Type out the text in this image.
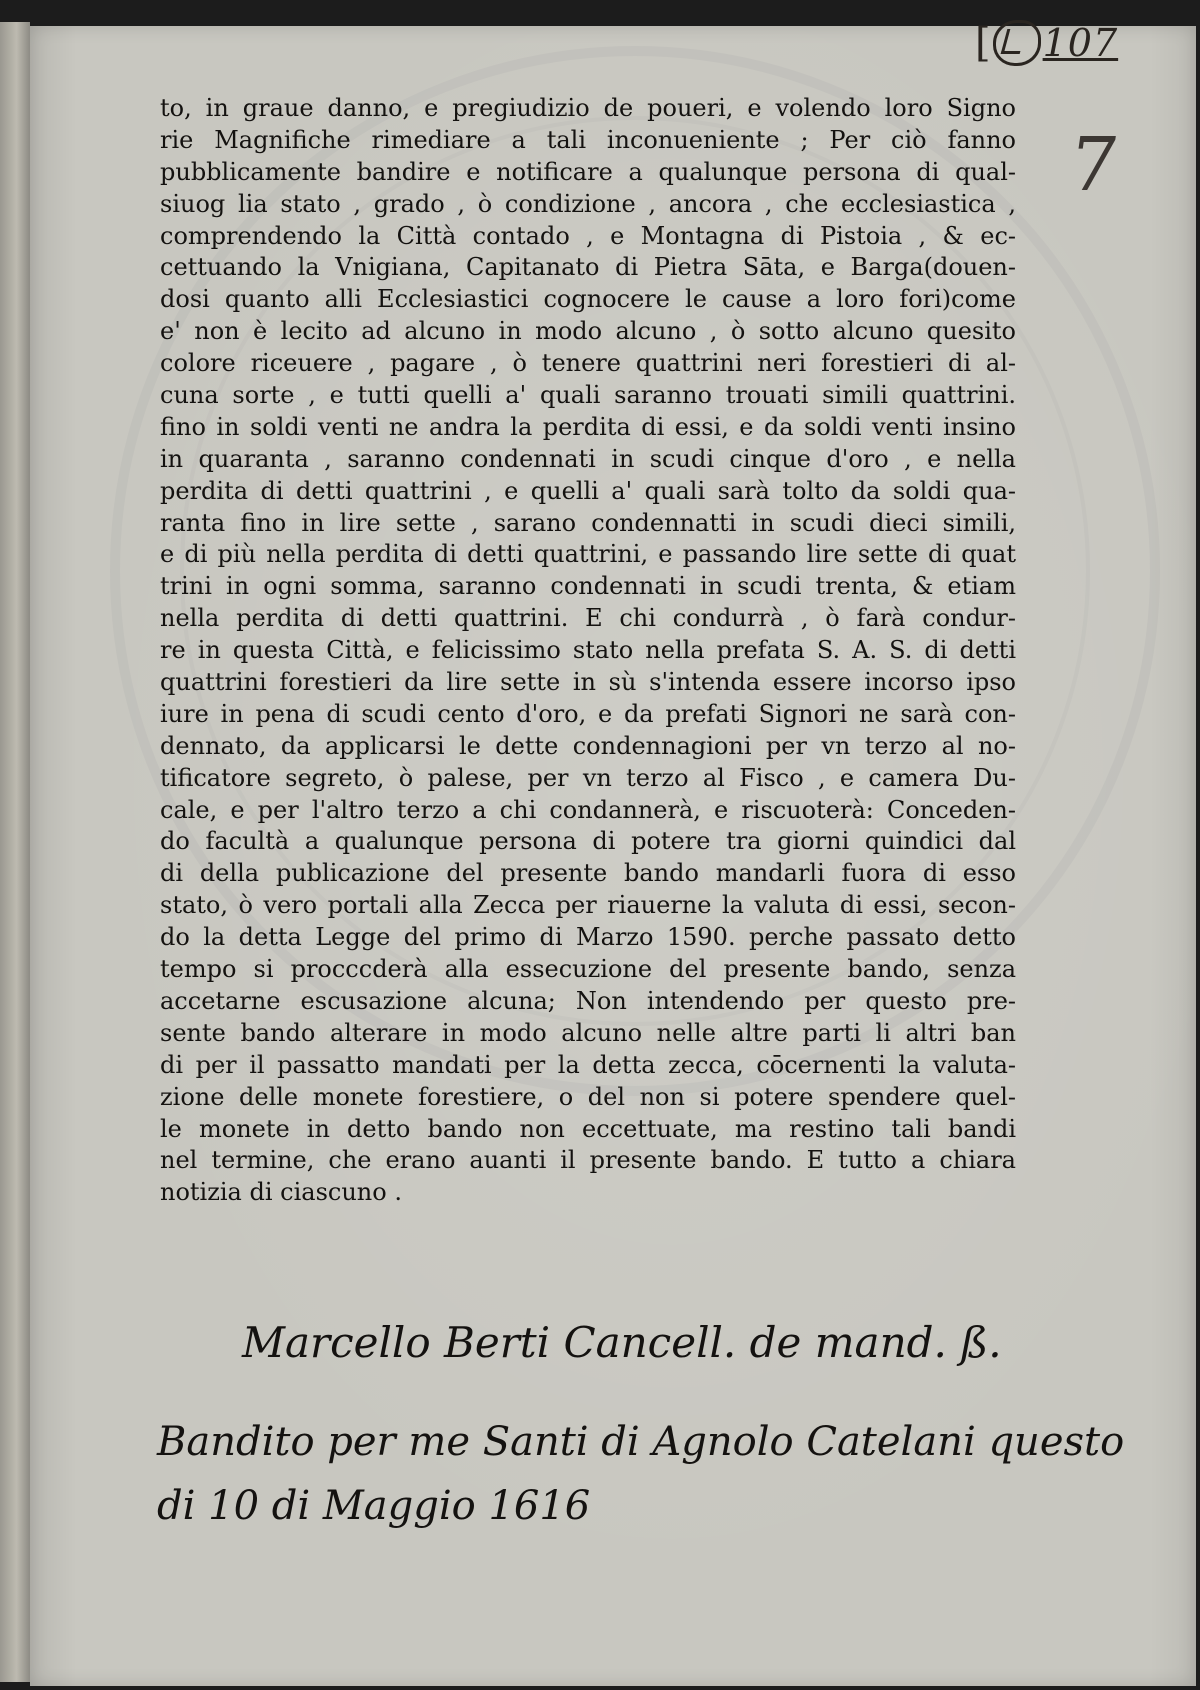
[ 107
7
to, in graue danno, e pregiudizio de poueri, e volendo loro Signo
rie Magnifiche rimediare a tali inconueniente ; Per ciò fanno
pubblicamente bandire e notificare a qualunque persona di qual-
siuog lia stato , grado , ò condizione , ancora , che ecclesiastica ,
comprendendo la Città contado , e Montagna di Pistoia , & ec-
cettuando la Vnigiana, Capitanato di Pietra Sāta, e Barga(douen-
dosi quanto alli Ecclesiastici cognocere le cause a loro fori)come
e' non è lecito ad alcuno in modo alcuno , ò sotto alcuno quesito
colore riceuere , pagare , ò tenere quattrini neri forestieri di al-
cuna sorte , e tutti quelli a' quali saranno trouati simili quattrini.
fino in soldi venti ne andra la perdita di essi, e da soldi venti insino
in quaranta , saranno condennati in scudi cinque d'oro , e nella
perdita di detti quattrini , e quelli a' quali sarà tolto da soldi qua-
ranta fino in lire sette , sarano condennatti in scudi dieci simili,
e di più nella perdita di detti quattrini, e passando lire sette di quat
trini in ogni somma, saranno condennati in scudi trenta, & etiam
nella perdita di detti quattrini. E chi condurrà , ò farà condur-
re in questa Città, e felicissimo stato nella prefata S. A. S. di detti
quattrini forestieri da lire sette in sù s'intenda essere incorso ipso
iure in pena di scudi cento d'oro, e da prefati Signori ne sarà con-
dennato, da applicarsi le dette condennagioni per vn terzo al no-
tificatore segreto, ò palese, per vn terzo al Fisco , e camera Du-
cale, e per l'altro terzo a chi condannerà, e riscuoterà: Conceden-
do facultà a qualunque persona di potere tra giorni quindici dal
di della publicazione del presente bando mandarli fuora di esso
stato, ò vero portali alla Zecca per riauerne la valuta di essi, secon-
do la detta Legge del primo di Marzo 1590. perche passato detto
tempo si procccderà alla essecuzione del presente bando, senza
accetarne escusazione alcuna; Non intendendo per questo pre-
sente bando alterare in modo alcuno nelle altre parti li altri ban
di per il passatto mandati per la detta zecca, cōcernenti la valuta-
zione delle monete forestiere, o del non si potere spendere quel-
le monete in detto bando non eccettuate, ma restino tali bandi
nel termine, che erano auanti il presente bando. E tutto a chiara
notizia di ciascuno .
Marcello Berti Cancell. de mand. ß.
Bandito per me Santi di Agnolo Catelani questo
di 10 di Maggio 1616
